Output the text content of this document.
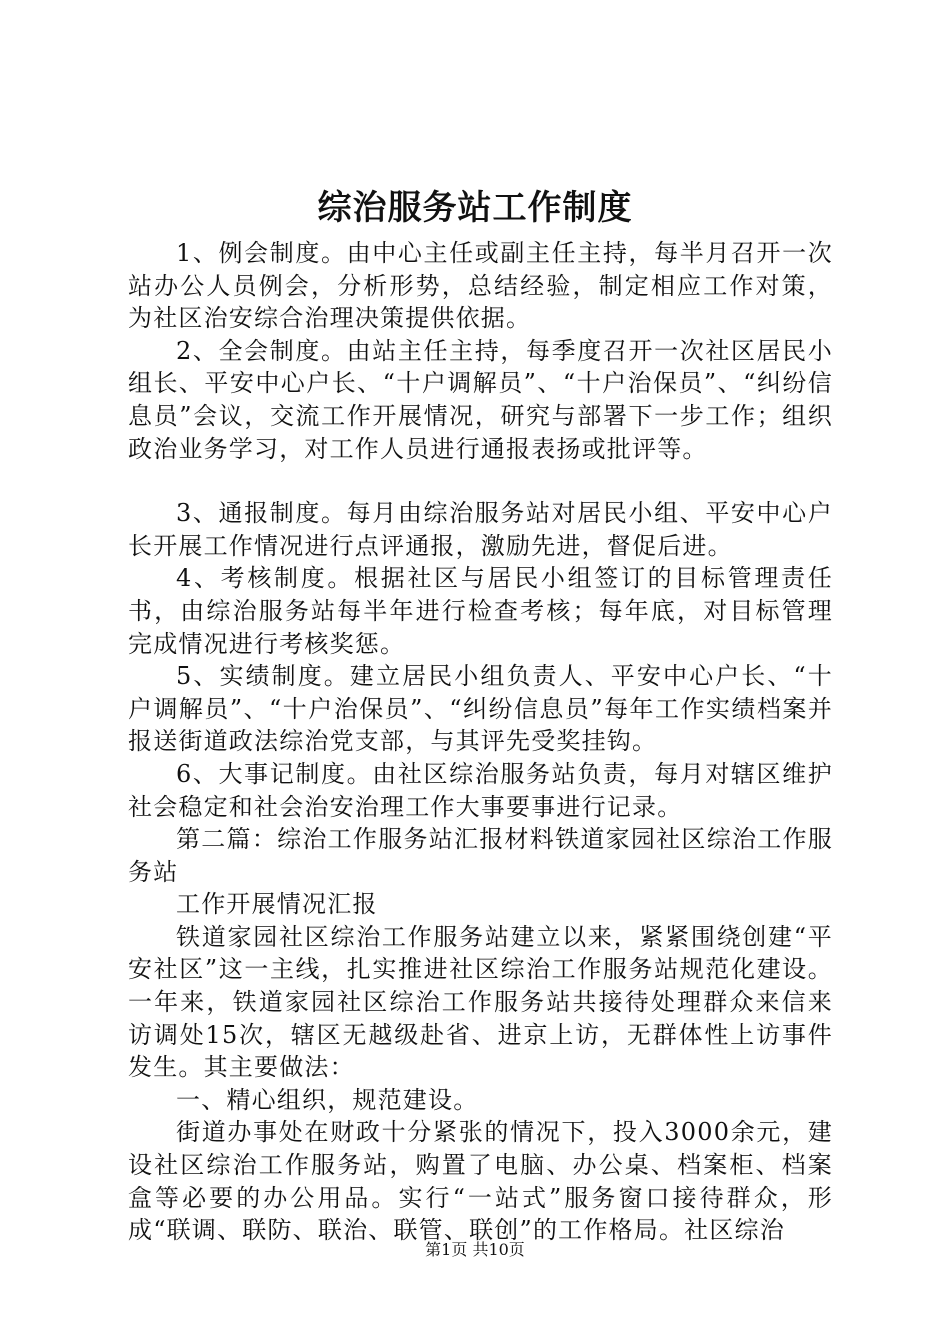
综治服务站工作制度

1、例会制度。由中心主任或副主任主持，每半月召开一次站办公人员例会，分析形势，总结经验，制定相应工作对策，为社区治安综合治理决策提供依据。

2、全会制度。由站主任主持，每季度召开一次社区居民小组长、平安中心户长、“十户调解员”、“十户治保员”、“纠纷信息员”会议，交流工作开展情况，研究与部署下一步工作；组织政治业务学习，对工作人员进行通报表扬或批评等。

3、通报制度。每月由综治服务站对居民小组、平安中心户长开展工作情况进行点评通报，激励先进，督促后进。

4、考核制度。根据社区与居民小组签订的目标管理责任书，由综治服务站每半年进行检查考核；每年底，对目标管理完成情况进行考核奖惩。

5、实绩制度。建立居民小组负责人、平安中心户长、“十户调解员”、“十户治保员”、“纠纷信息员”每年工作实绩档案并报送街道政法综治党支部，与其评先受奖挂钩。

6、大事记制度。由社区综治服务站负责，每月对辖区维护社会稳定和社会治安治理工作大事要事进行记录。

第二篇：综治工作服务站汇报材料铁道家园社区综治工作服务站

工作开展情况汇报

铁道家园社区综治工作服务站建立以来，紧紧围绕创建“平安社区”这一主线，扎实推进社区综治工作服务站规范化建设。一年来，铁道家园社区综治工作服务站共接待处理群众来信来访调处15次，辖区无越级赴省、进京上访，无群体性上访事件发生。其主要做法：

一、精心组织，规范建设。

街道办事处在财政十分紧张的情况下，投入3000余元，建设社区综治工作服务站，购置了电脑、办公桌、档案柜、档案盒等必要的办公用品。实行“一站式”服务窗口接待群众，形成“联调、联防、联治、联管、联创”的工作格局。社区综治

第1页 共10页
